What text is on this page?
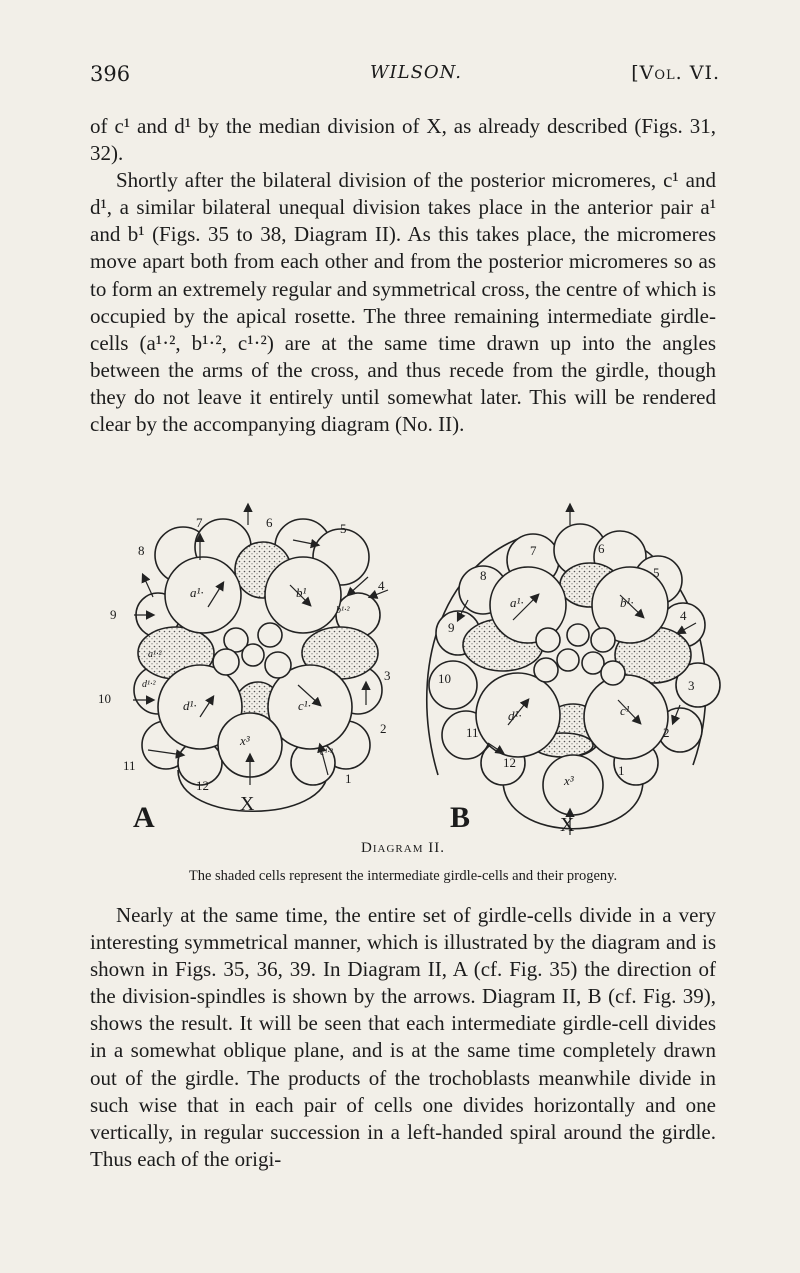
396	WILSON.	[Vol. VI.

of c¹ and d¹ by the median division of X, as already described (Figs. 31, 32).

Shortly after the bilateral division of the posterior micromeres, c¹ and d¹, a similar bilateral unequal division takes place in the anterior pair a¹ and b¹ (Figs. 35 to 38, Diagram II). As this takes place, the micromeres move apart both from each other and from the posterior micromeres so as to form an extremely regular and symmetrical cross, the centre of which is occupied by the apical rosette. The three remaining intermediate girdle-cells (a¹·², b¹·², c¹·²) are at the same time drawn up into the angles between the arms of the cross, and thus recede from the girdle, though they do not leave it entirely until somewhat later. This will be rendered clear by the accompanying diagram (No. II).

1
2
3
4
5
6
7
8
9
10
11
12
a¹·	b¹
c¹·
d¹·
b¹·²
a¹·²
c¹·²
d¹·²
x³
X
A
1
2
3
4
5
6
7
8
9
10
11
12
a¹·	b¹·
c¹
d¹·
x³
X
B
Diagram II.
The shaded cells represent the intermediate girdle-cells and their progeny.

Nearly at the same time, the entire set of girdle-cells divide in a very interesting symmetrical manner, which is illustrated by the diagram and is shown in Figs. 35, 36, 39. In Diagram II, A (cf. Fig. 35) the direction of the division-spindles is shown by the arrows. Diagram II, B (cf. Fig. 39), shows the result. It will be seen that each intermediate girdle-cell divides in a somewhat oblique plane, and is at the same time completely drawn out of the girdle. The products of the trochoblasts meanwhile divide in such wise that in each pair of cells one divides horizontally and one vertically, in regular succession in a left-handed spiral around the girdle. Thus each of the origi-
